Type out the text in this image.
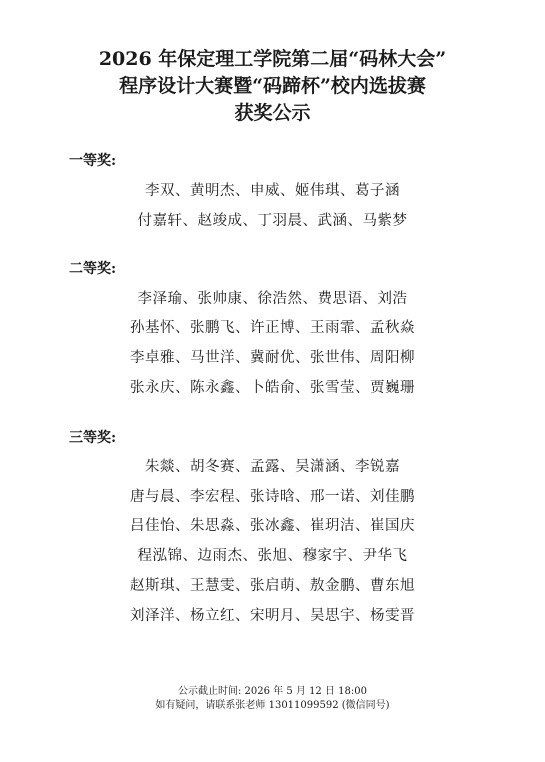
2026 年保定理工学院第二届“码林大会”
程序设计大赛暨“码蹄杯”校内选拔赛
获奖公示
一等奖:
李双、黄明杰、申威、姬伟琪、葛子涵
付嘉轩、赵竣成、丁羽晨、武涵、马紫梦
二等奖:
李泽瑜、张帅康、徐浩然、费思语、刘浩
孙基怀、张鹏飞、许正博、王雨霏、孟秋焱
李卓雅、马世洋、冀耐优、张世伟、周阳柳
张永庆、陈永鑫、卜皓俞、张雪莹、贾巍珊
三等奖:
朱燚、胡冬赛、孟露、吴潇涵、李锐嘉
唐与晨、李宏程、张诗晗、邢一诺、刘佳鹏
吕佳怡、朱思淼、张冰鑫、崔玥洁、崔国庆
程泓锦、边雨杰、张旭、穆家宇、尹华飞
赵斯琪、王慧雯、张启萌、敖金鹏、曹东旭
刘泽洋、杨立红、宋明月、吴思宇、杨雯晋
公示截止时间: 2026 年 5 月 12 日 18:00
如有疑问，请联系张老师 13011099592 (微信同号)
